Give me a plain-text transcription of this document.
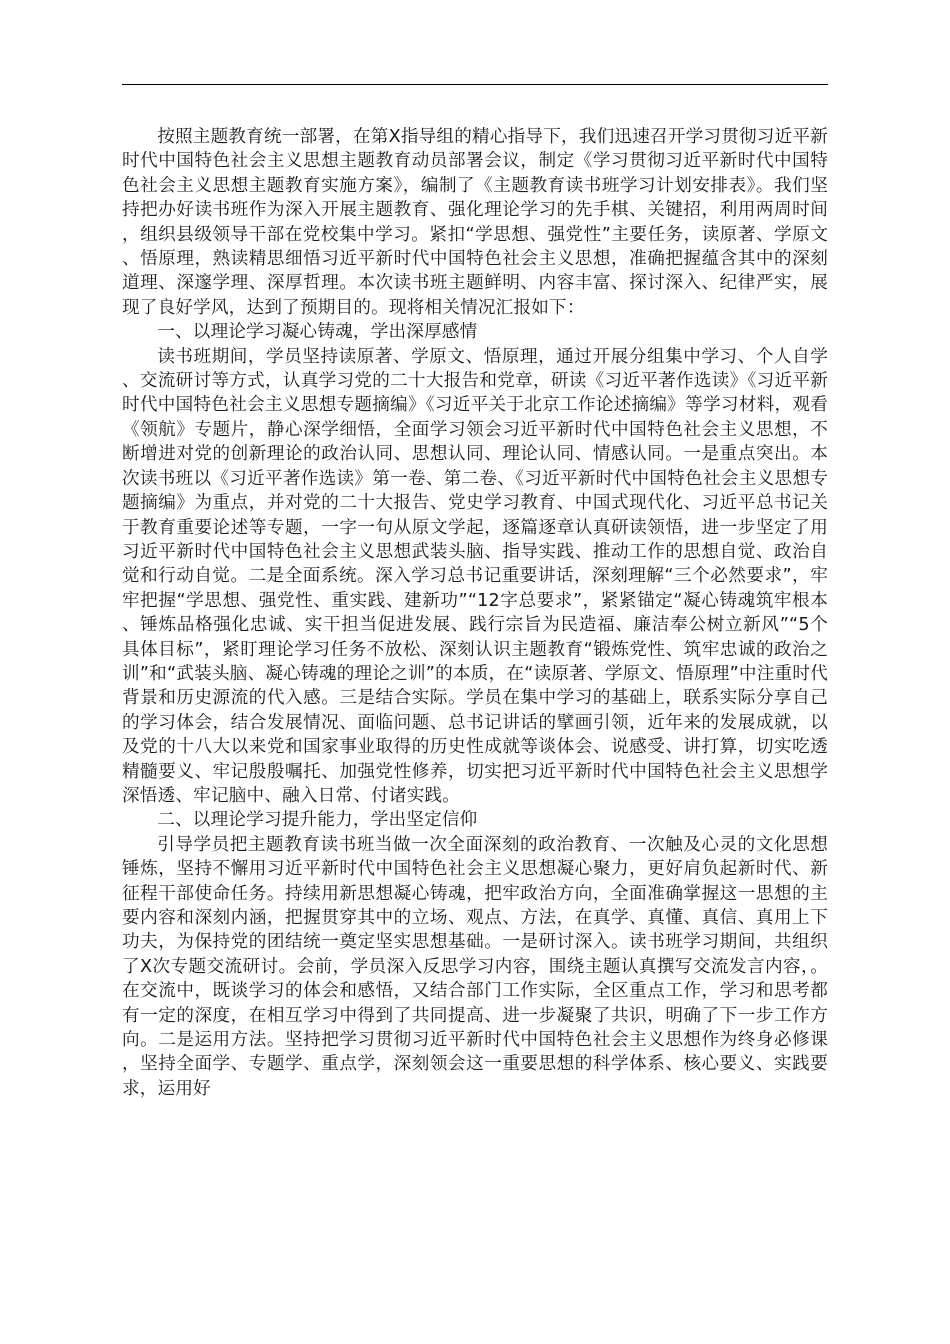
按照主题教育统一部署，在第X指导组的精心指导下，我们迅速召开学习贯彻习近平新时代中国特色社会主义思想主题教育动员部署会议，制定《学习贯彻习近平新时代中国特色社会主义思想主题教育实施方案》，编制了《主题教育读书班学习计划安排表》。我们坚持把办好读书班作为深入开展主题教育、强化理论学习的先手棋、关键招，利用两周时间，组织县级领导干部在党校集中学习。紧扣“学思想、强党性”主要任务，读原著、学原文、悟原理，熟读精思细悟习近平新时代中国特色社会主义思想，准确把握蕴含其中的深刻道理、深邃学理、深厚哲理。本次读书班主题鲜明、内容丰富、探讨深入、纪律严实，展现了良好学风，达到了预期目的。现将相关情况汇报如下：

一、以理论学习凝心铸魂，学出深厚感情

读书班期间，学员坚持读原著、学原文、悟原理，通过开展分组集中学习、个人自学、交流研讨等方式，认真学习党的二十大报告和党章，研读《习近平著作选读》《习近平新时代中国特色社会主义思想专题摘编》《习近平关于北京工作论述摘编》等学习材料，观看《领航》专题片，静心深学细悟，全面学习领会习近平新时代中国特色社会主义思想，不断增进对党的创新理论的政治认同、思想认同、理论认同、情感认同。一是重点突出。本次读书班以《习近平著作选读》第一卷、第二卷、《习近平新时代中国特色社会主义思想专题摘编》为重点，并对党的二十大报告、党史学习教育、中国式现代化、习近平总书记关于教育重要论述等专题，一字一句从原文学起，逐篇逐章认真研读领悟，进一步坚定了用习近平新时代中国特色社会主义思想武装头脑、指导实践、推动工作的思想自觉、政治自觉和行动自觉。二是全面系统。深入学习总书记重要讲话，深刻理解“三个必然要求”，牢牢把握“学思想、强党性、重实践、建新功”“12字总要求”，紧紧锚定“凝心铸魂筑牢根本、锤炼品格强化忠诚、实干担当促进发展、践行宗旨为民造福、廉洁奉公树立新风”“5个具体目标”，紧盯理论学习任务不放松、深刻认识主题教育“锻炼党性、筑牢忠诚的政治之训”和“武装头脑、凝心铸魂的理论之训”的本质，在“读原著、学原文、悟原理”中注重时代背景和历史源流的代入感。三是结合实际。学员在集中学习的基础上，联系实际分享自己的学习体会，结合发展情况、面临问题、总书记讲话的擘画引领，近年来的发展成就，以及党的十八大以来党和国家事业取得的历史性成就等谈体会、说感受、讲打算，切实吃透精髓要义、牢记殷殷嘱托、加强党性修养，切实把习近平新时代中国特色社会主义思想学深悟透、牢记脑中、融入日常、付诸实践。

二、以理论学习提升能力，学出坚定信仰

引导学员把主题教育读书班当做一次全面深刻的政治教育、一次触及心灵的文化思想锤炼，坚持不懈用习近平新时代中国特色社会主义思想凝心聚力，更好肩负起新时代、新征程干部使命任务。持续用新思想凝心铸魂，把牢政治方向，全面准确掌握这一思想的主要内容和深刻内涵，把握贯穿其中的立场、观点、方法，在真学、真懂、真信、真用上下功夫，为保持党的团结统一奠定坚实思想基础。一是研讨深入。读书班学习期间，共组织了X次专题交流研讨。会前，学员深入反思学习内容，围绕主题认真撰写交流发言内容，。在交流中，既谈学习的体会和感悟，又结合部门工作实际，全区重点工作，学习和思考都有一定的深度，在相互学习中得到了共同提高、进一步凝聚了共识，明确了下一步工作方向。二是运用方法。坚持把学习贯彻习近平新时代中国特色社会主义思想作为终身必修课，坚持全面学、专题学、重点学，深刻领会这一重要思想的科学体系、核心要义、实践要求，运用好
